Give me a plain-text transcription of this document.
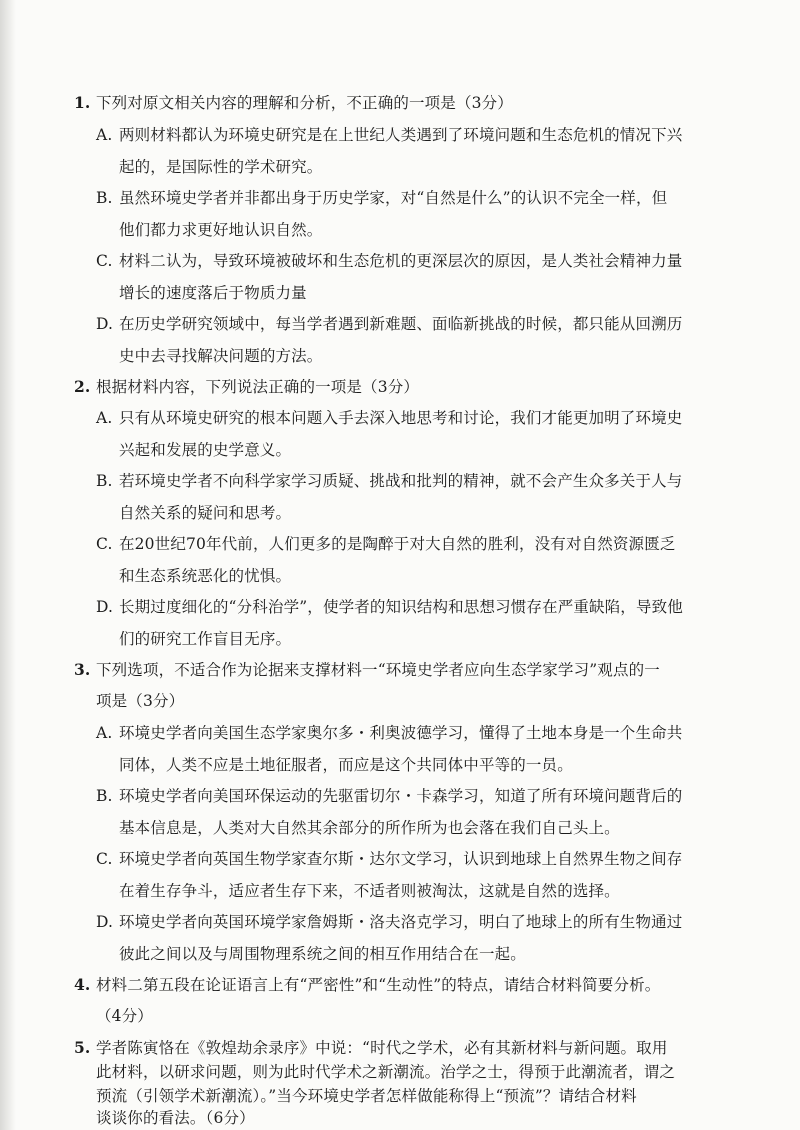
1. 下列对原文相关内容的理解和分析，不正确的一项是（3分）
A. 两则材料都认为环境史研究是在上世纪人类遇到了环境问题和生态危机的情况下兴
起的，是国际性的学术研究。
B. 虽然环境史学者并非都出身于历史学家，对“自然是什么”的认识不完全一样，但
他们都力求更好地认识自然。
C. 材料二认为，导致环境被破坏和生态危机的更深层次的原因，是人类社会精神力量
增长的速度落后于物质力量
D. 在历史学研究领域中，每当学者遇到新难题、面临新挑战的时候，都只能从回溯历
史中去寻找解决问题的方法。
2. 根据材料内容，下列说法正确的一项是（3分）
A. 只有从环境史研究的根本问题入手去深入地思考和讨论，我们才能更加明了环境史
兴起和发展的史学意义。
B. 若环境史学者不向科学家学习质疑、挑战和批判的精神，就不会产生众多关于人与
自然关系的疑问和思考。
C. 在20世纪70年代前，人们更多的是陶醉于对大自然的胜利，没有对自然资源匮乏
和生态系统恶化的忧惧。
D. 长期过度细化的“分科治学”，使学者的知识结构和思想习惯存在严重缺陷，导致他
们的研究工作盲目无序。
3. 下列选项，不适合作为论据来支撑材料一“环境史学者应向生态学家学习”观点的一
项是（3分）
A. 环境史学者向美国生态学家奥尔多・利奥波德学习，懂得了土地本身是一个生命共
同体，人类不应是土地征服者，而应是这个共同体中平等的一员。
B. 环境史学者向美国环保运动的先驱雷切尔・卡森学习，知道了所有环境问题背后的
基本信息是，人类对大自然其余部分的所作所为也会落在我们自己头上。
C. 环境史学者向英国生物学家查尔斯・达尔文学习，认识到地球上自然界生物之间存
在着生存争斗，适应者生存下来，不适者则被淘汰，这就是自然的选择。
D. 环境史学者向英国环境学家詹姆斯・洛夫洛克学习，明白了地球上的所有生物通过
彼此之间以及与周围物理系统之间的相互作用结合在一起。
4. 材料二第五段在论证语言上有“严密性”和“生动性”的特点，请结合材料简要分析。
（4分）
5. 学者陈寅恪在《敦煌劫余录序》中说：“时代之学术，必有其新材料与新问题。取用
此材料，以研求问题，则为此时代学术之新潮流。治学之士，得预于此潮流者，谓之
预流（引领学术新潮流）。”当今环境史学者怎样做能称得上“预流”？请结合材料
谈谈你的看法。（6分）
